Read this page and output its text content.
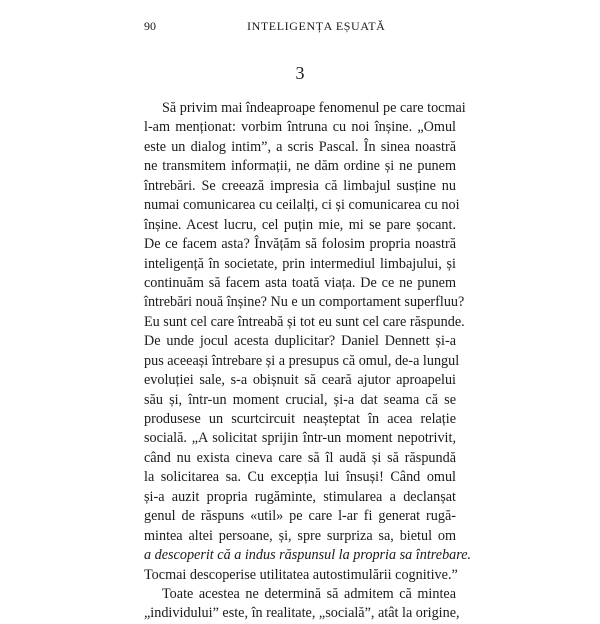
90	INTELIGENȚA EȘUATĂ
3
Să privim mai îndeaproape fenomenul pe care tocmai
l-am menționat: vorbim întruna cu noi înșine. „Omul
este un dialog intim”, a scris Pascal. În sinea noastră
ne transmitem informații, ne dăm ordine și ne punem
întrebări. Se creează impresia că limbajul susține nu
numai comunicarea cu ceilalți, ci și comunicarea cu noi
înșine. Acest lucru, cel puțin mie, mi se pare șocant.
De ce facem asta? Învățăm să folosim propria noastră
inteligență în societate, prin intermediul limbajului, și
continuăm să facem asta toată viața. De ce ne punem
întrebări nouă înșine? Nu e un comportament superfluu?
Eu sunt cel care întreabă și tot eu sunt cel care răspunde.
De unde jocul acesta duplicitar? Daniel Dennett și-a
pus aceeași întrebare și a presupus că omul, de-a lungul
evoluției sale, s-a obișnuit să ceară ajutor aproapelui
său și, într-un moment crucial, și-a dat seama că se
produsese un scurtcircuit neașteptat în acea relație
socială. „A solicitat sprijin într-un moment nepotrivit,
când nu exista cineva care să îl audă și să răspundă
la solicitarea sa. Cu excepția lui însuși! Când omul
și-a auzit propria rugăminte, stimularea a declanșat
genul de răspuns «util» pe care l-ar fi generat rugă-
mintea altei persoane, și, spre surpriza sa, bietul om
a descoperit că a indus răspunsul la propria sa întrebare.
Tocmai descoperise utilitatea autostimulării cognitive.”
Toate acestea ne determină să admitem că mintea
„individului” este, în realitate, „socială”, atât la origine,
